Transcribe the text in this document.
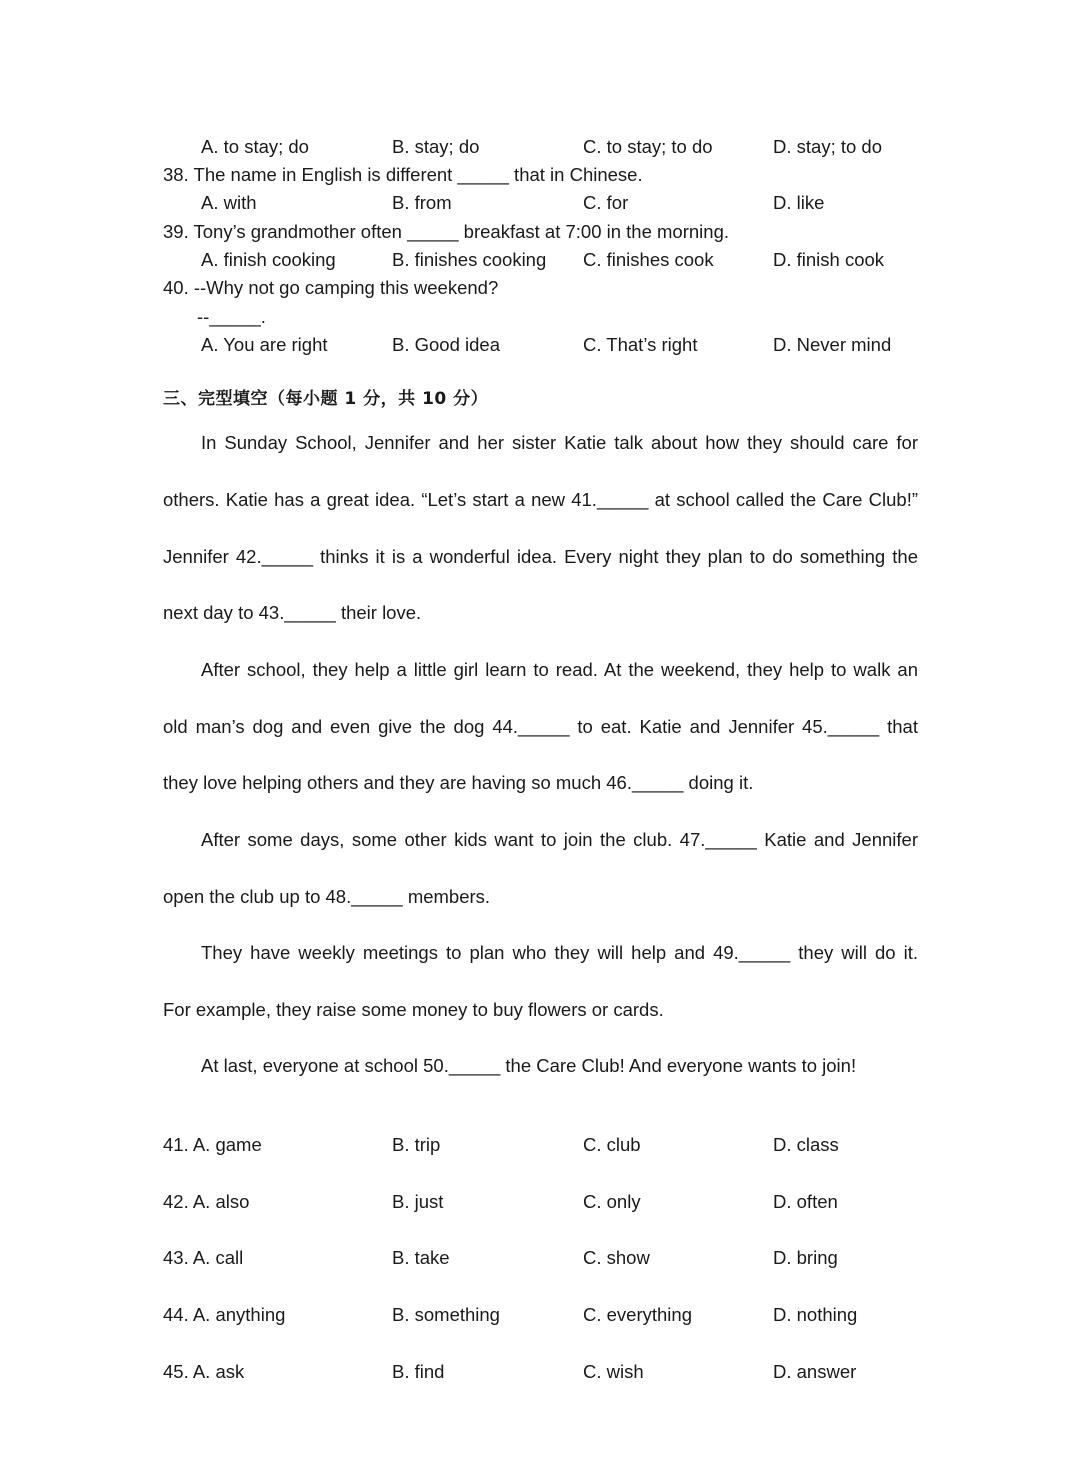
A. to stay; do	B. stay; do	C. to stay; to do	D. stay; to do
38. The name in English is different _____ that in Chinese.
A. with	B. from	C. for	D. like
39. Tony’s grandmother often _____ breakfast at 7:00 in the morning.
A. finish cooking	B. finishes cooking C. finishes cook	D. finish cook
40. --Why not go camping this weekend?
--_____.
A. You are right	B. Good idea	C. That’s right	D. Never mind
三、完型填空（每小题 1 分，共 10 分）
In Sunday School, Jennifer and her sister Katie talk about how they should care for
others. Katie has a great idea. “Let’s start a new 41._____ at school called the Care Club!”
Jennifer 42._____ thinks it is a wonderful idea. Every night they plan to do something the
next day to 43._____ their love.
After school, they help a little girl learn to read. At the weekend, they help to walk an
old man’s dog and even give the dog 44._____ to eat. Katie and Jennifer 45._____ that
they love helping others and they are having so much 46._____ doing it.
After some days, some other kids want to join the club. 47._____ Katie and Jennifer
open the club up to 48._____ members.
They have weekly meetings to plan who they will help and 49._____ they will do it.
For example, they raise some money to buy flowers or cards.
At last, everyone at school 50._____ the Care Club! And everyone wants to join!
41. A. game	B. trip	C. club	D. class
42. A. also	B. just	C. only	D. often
43. A. call	B. take	C. show	D. bring
44. A. anything	B. something	C. everything	D. nothing
45. A. ask	B. find	C. wish	D. answer
